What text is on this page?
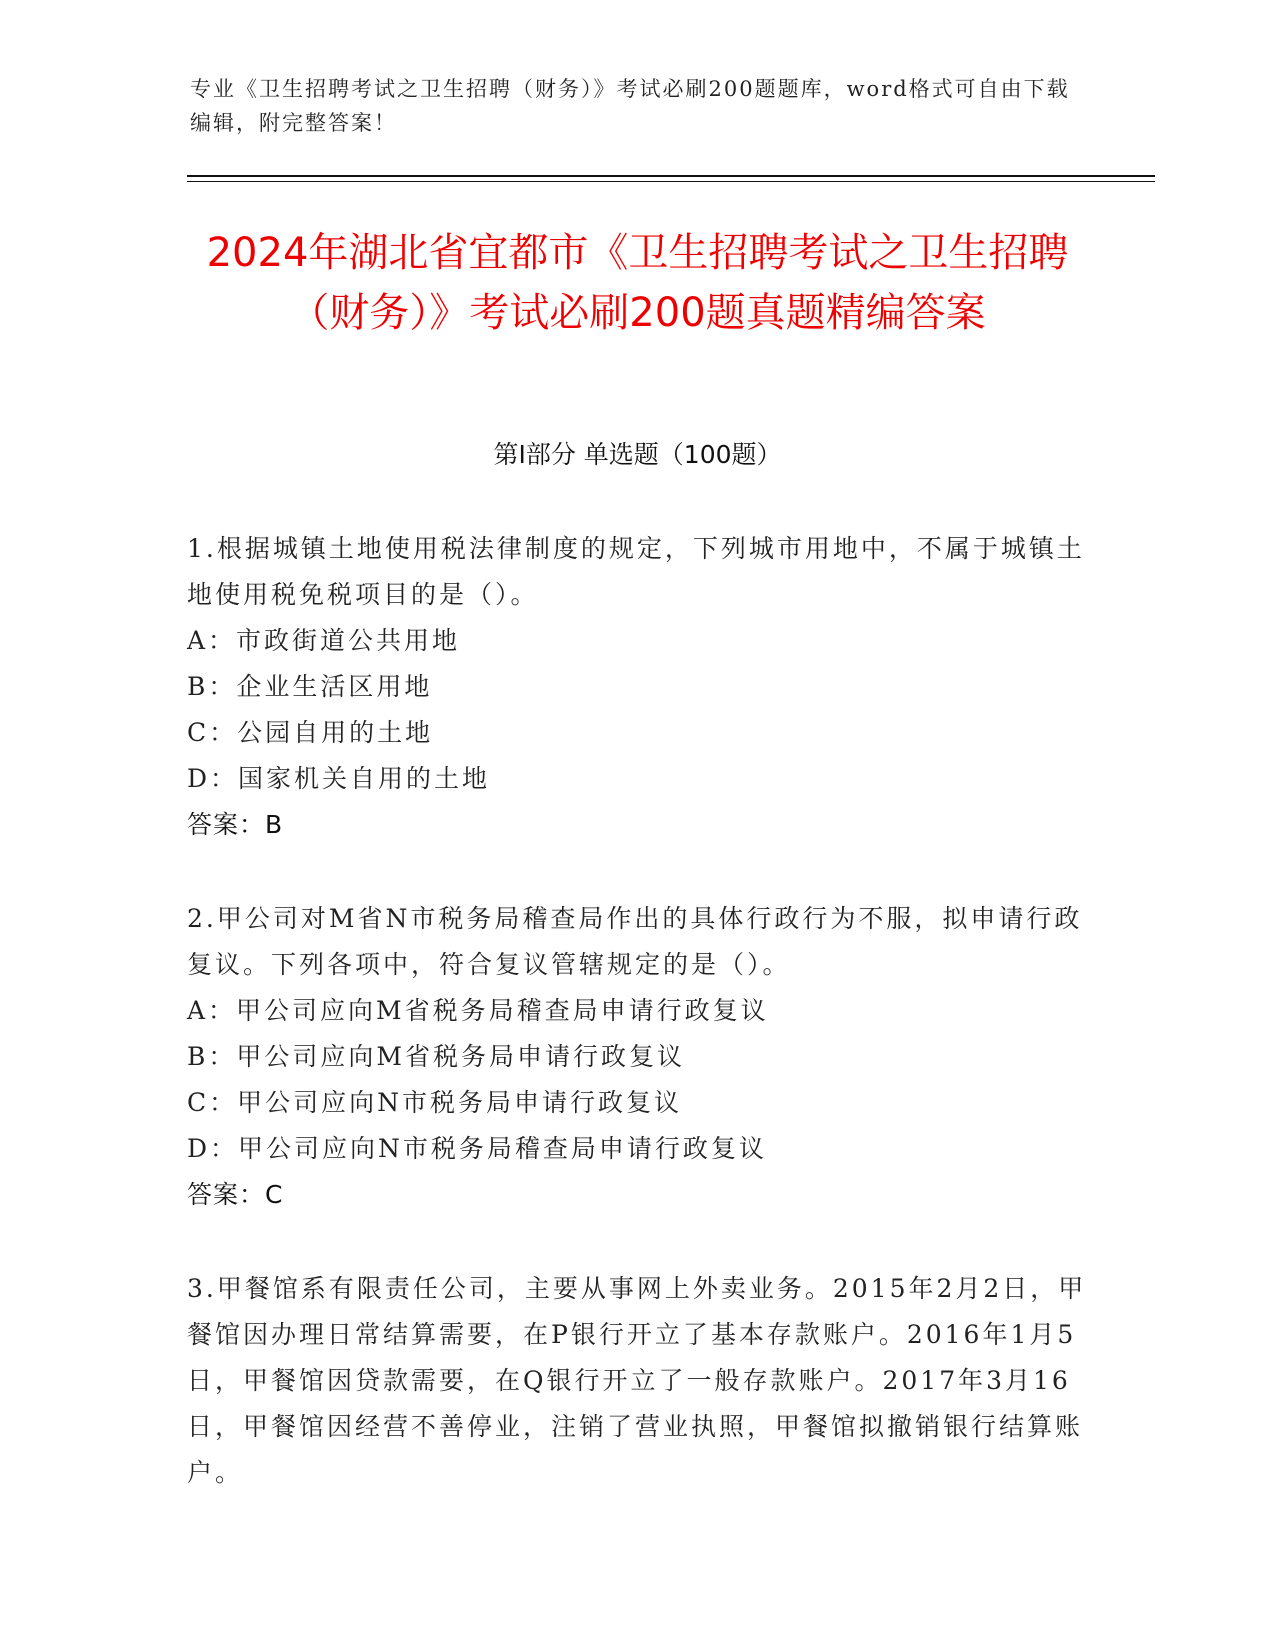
专业《卫生招聘考试之卫生招聘（财务）》考试必刷200题题库，word格式可自由下载编辑，附完整答案！
2024年湖北省宜都市《卫生招聘考试之卫生招聘（财务）》考试必刷200题真题精编答案
第Ⅰ部分 单选题（100题）

1.根据城镇土地使用税法律制度的规定，下列城市用地中，不属于城镇土地使用税免税项目的是（）。

A：市政街道公共用地

B：企业生活区用地

C：公园自用的土地

D：国家机关自用的土地

答案：B

2.甲公司对M省N市税务局稽查局作出的具体行政行为不服，拟申请行政复议。下列各项中，符合复议管辖规定的是（）。

A：甲公司应向M省税务局稽查局申请行政复议

B：甲公司应向M省税务局申请行政复议

C：甲公司应向N市税务局申请行政复议

D：甲公司应向N市税务局稽查局申请行政复议

答案：C

3.甲餐馆系有限责任公司，主要从事网上外卖业务。2015年2月2日，甲餐馆因办理日常结算需要，在P银行开立了基本存款账户。2016年1月5日，甲餐馆因贷款需要，在Q银行开立了一般存款账户。2017年3月16日，甲餐馆因经营不善停业，注销了营业执照，甲餐馆拟撤销银行结算账户。
